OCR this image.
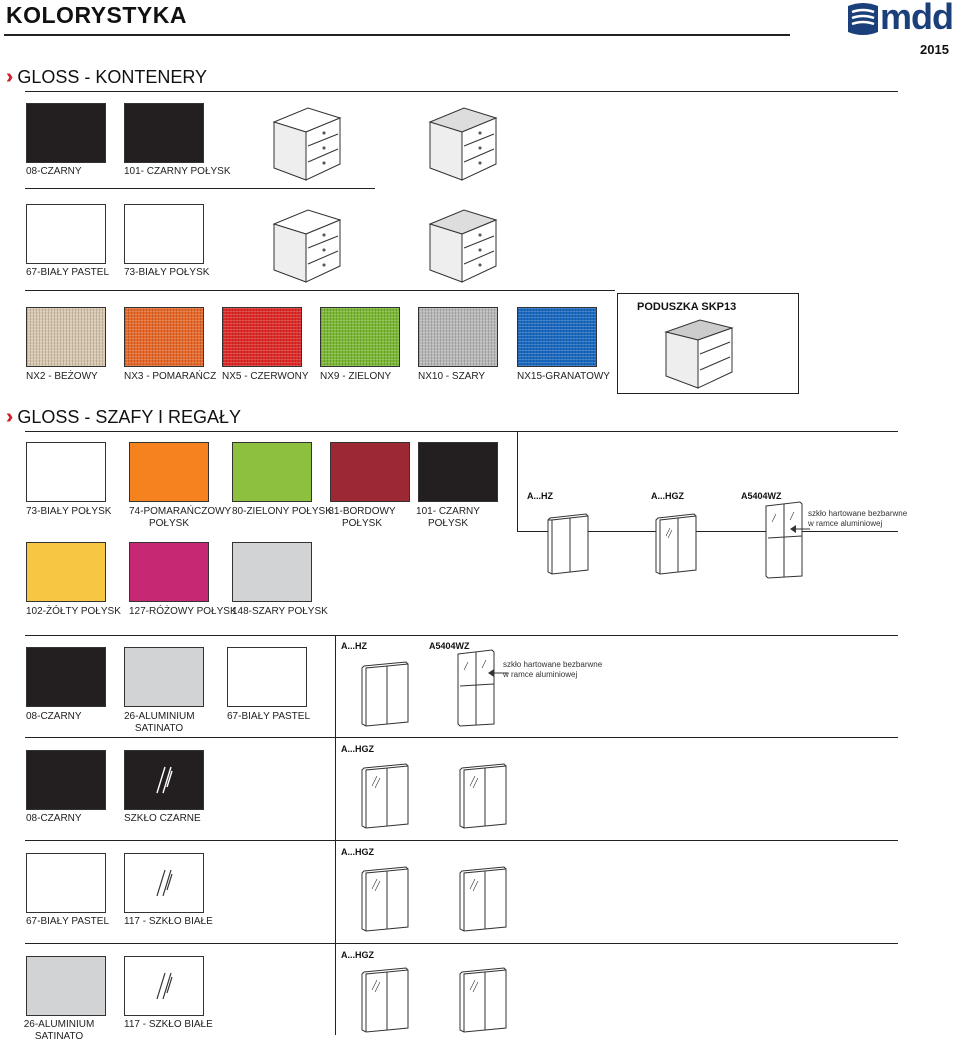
KOLORYSTYKA	mdd
2015
›› GLOSS - KONTENERY
08-CZARNY	101- CZARNY POŁYSK
67-BIAŁY PASTEL 73-BIAŁY POŁYSK
NX2 - BEŻOWY	NX3 - POMARAŃCZ NX5 - CZERWONY NX9 - ZIELONY	NX10 - SZARY	NX15-GRANATOWY
PODUSZKA SKP13
›› GLOSS - SZAFY I REGAŁY
73-BIAŁY POŁYSK 74-POMARAŃCZOWY
POŁYSK
80-ZIELONY POŁYSK
81-BORDOWY
POŁYSK
101- CZARNY
POŁYSK
A...HZ	A...HGZ	A5404WZ
szkło hartowane bezbarwne
w ramce aluminiowej
102-ŻÓŁTY POŁYSK 127-RÓŻOWY POŁYSK
148-SZARY POŁYSK
08-CZARNY	26-ALUMINIUM
SATINATO
67-BIAŁY PASTEL
A...HZ	A5404WZ
szkło hartowane bezbarwne
w ramce aluminiowej
08-CZARNY	SZKŁO CZARNE
A...HGZ
67-BIAŁY PASTEL 117 - SZKŁO BIAŁE
A...HGZ
26-ALUMINIUM
SATINATO
117 - SZKŁO BIAŁE
A...HGZ
